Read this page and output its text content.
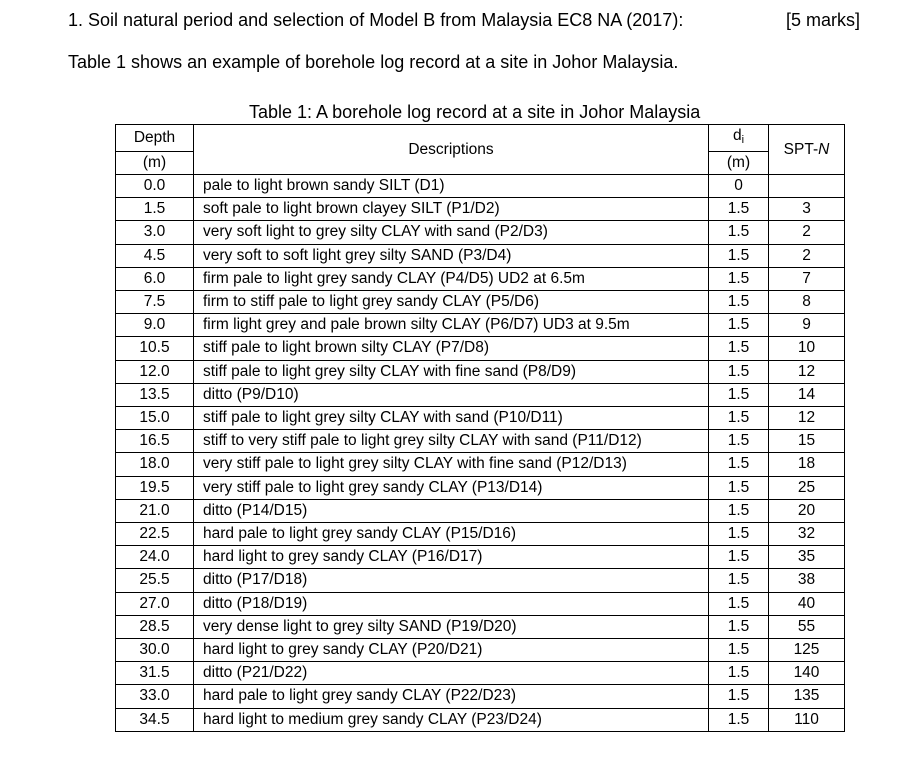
1. Soil natural period and selection of Model B from Malaysia EC8 NA (2017):	[5 marks]
Table 1 shows an example of borehole log record at a site in Johor Malaysia.
Table 1: A borehole log record at a site in Johor Malaysia
Depth	Descriptions	$d_i$	SPT-N
(m)		(m)	
0.0	pale to light brown sandy SILT (D1)	0	
1.5	soft pale to light brown clayey SILT (P1/D2)	1.5	3
3.0	very soft light to grey silty CLAY with sand (P2/D3)	1.5	2
4.5	very soft to soft light grey silty SAND (P3/D4)	1.5	2
6.0	firm pale to light grey sandy CLAY (P4/D5) UD2 at 6.5m	1.5	7
7.5	firm to stiff pale to light grey sandy CLAY (P5/D6)	1.5	8
9.0	firm light grey and pale brown silty CLAY (P6/D7) UD3 at 9.5m	1.5	9
10.5	stiff pale to light brown silty CLAY (P7/D8)	1.5	10
12.0	stiff pale to light grey silty CLAY with fine sand (P8/D9)	1.5	12
13.5	ditto (P9/D10)	1.5	14
15.0	stiff pale to light grey silty CLAY with sand (P10/D11)	1.5	12
16.5	stiff to very stiff pale to light grey silty CLAY with sand (P11/D12)	1.5	15
18.0	very stiff pale to light grey silty CLAY with fine sand (P12/D13)	1.5	18
19.5	very stiff pale to light grey sandy CLAY (P13/D14)	1.5	25
21.0	ditto (P14/D15)	1.5	20
22.5	hard pale to light grey sandy CLAY (P15/D16)	1.5	32
24.0	hard light to grey sandy CLAY (P16/D17)	1.5	35
25.5	ditto (P17/D18)	1.5	38
27.0	ditto (P18/D19)	1.5	40
28.5	very dense light to grey silty SAND (P19/D20)	1.5	55
30.0	hard light to grey sandy CLAY (P20/D21)	1.5	125
31.5	ditto (P21/D22)	1.5	140
33.0	hard pale to light grey sandy CLAY (P22/D23)	1.5	135
34.5	hard light to medium grey sandy CLAY (P23/D24)	1.5	110
